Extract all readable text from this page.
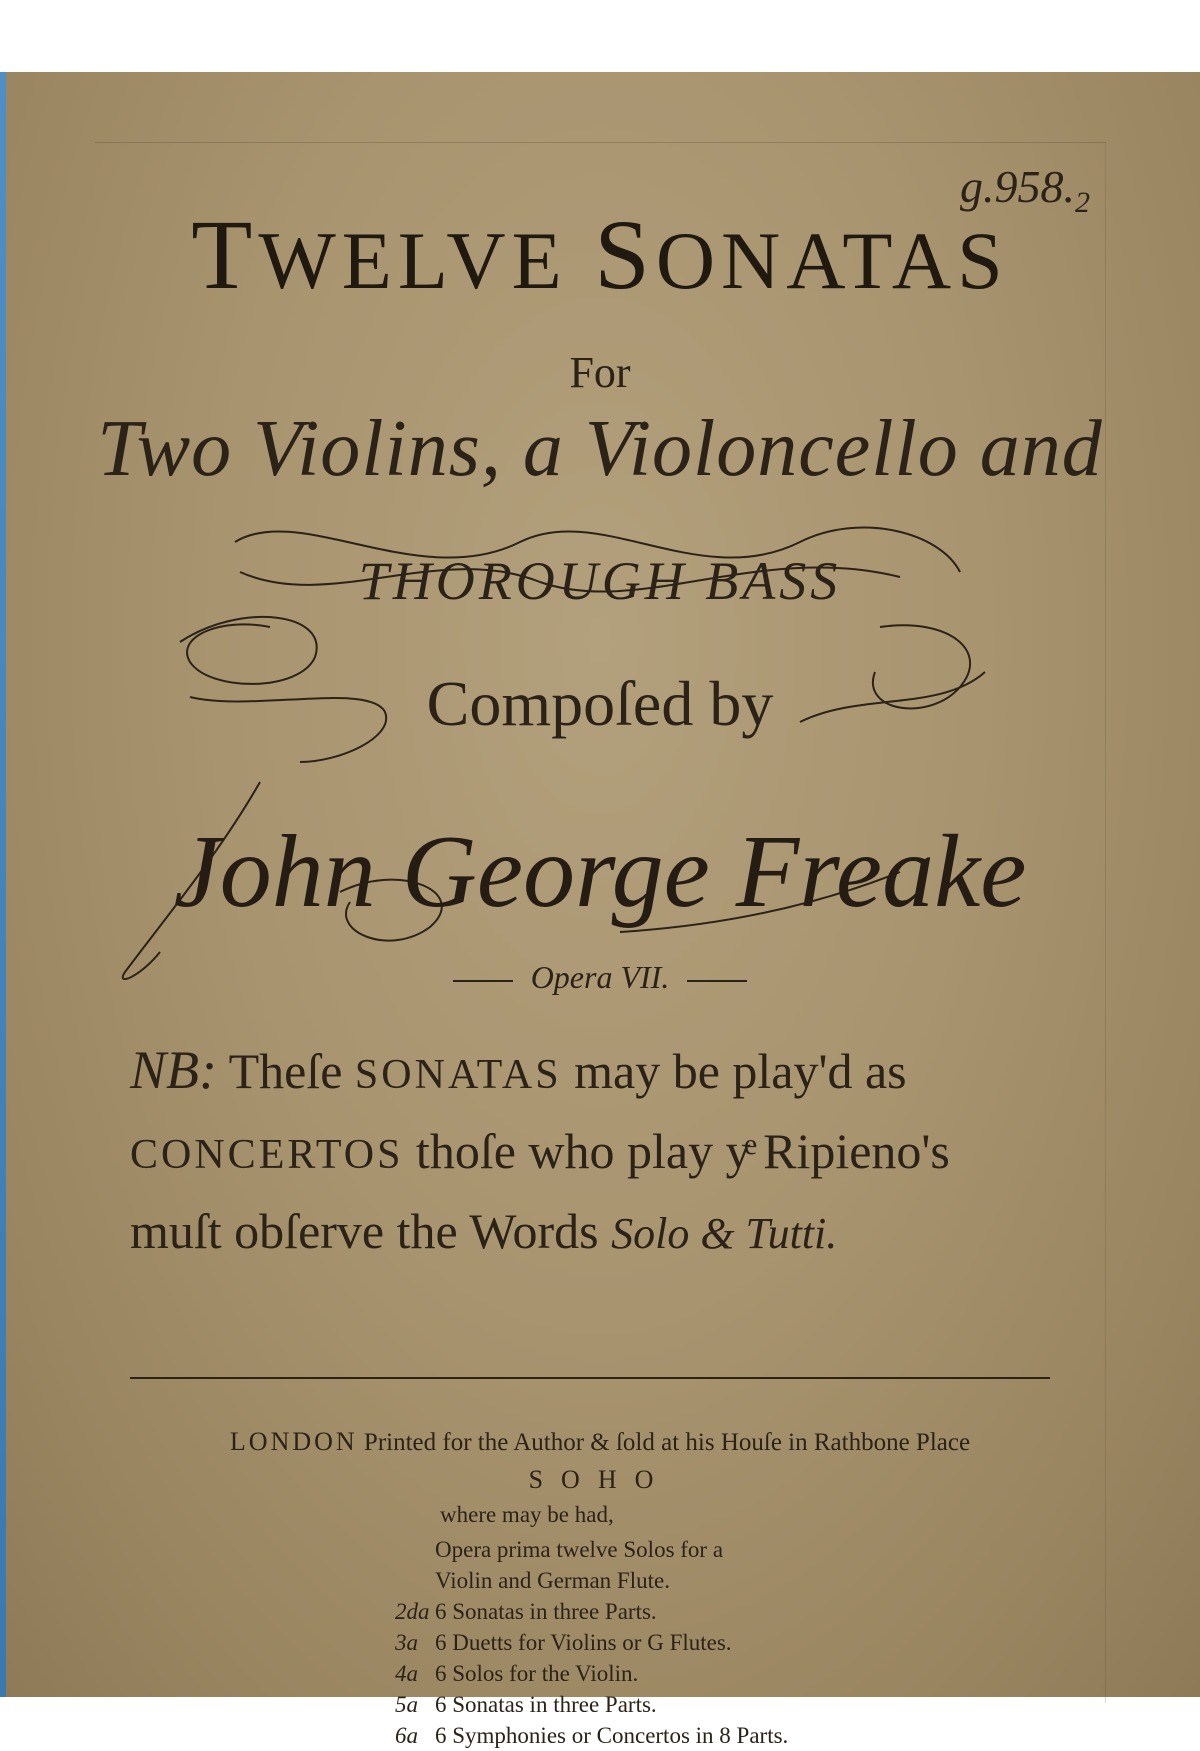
$g.958._2$
TWELVE SONATAS
For
Two Violins, a Violoncello and
THOROUGH BASS
Compoſed by
John George Freake
Opera VII.
NB: Theſe SONATAS may be play'd as
CONCERTOS thoſe who play yͤ Ripieno's
muſt obſerve the Words Solo & Tutti.
LONDON Printed for the Author & ſold at his Houſe in Rathbone Place
SOHO
where may be had,
Opera prima twelve Solos for a
Violin and German Flute.
2da 6 Sonatas in three Parts.
3a 6 Duetts for Violins or G Flutes.
4a 6 Solos for the Violin.
5a 6 Sonatas in three Parts.
6a 6 Symphonies or Concertos in 8 Parts.
